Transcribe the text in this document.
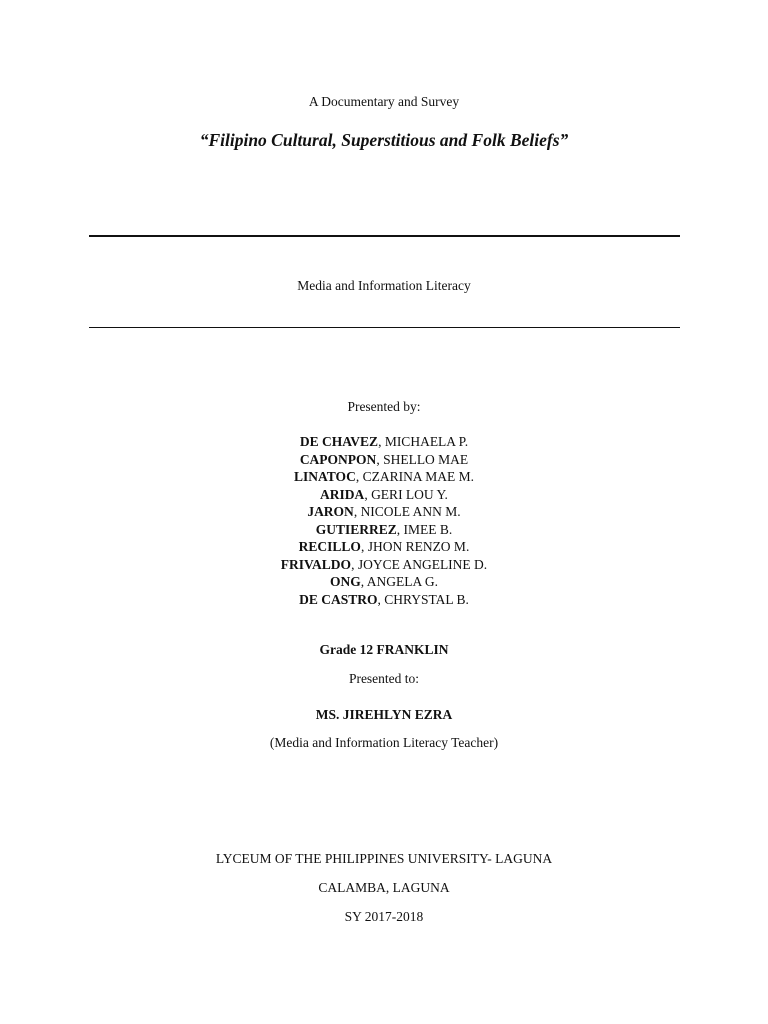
A Documentary and Survey
“Filipino Cultural, Superstitious and Folk Beliefs”
Media and Information Literacy
Presented by:
DE CHAVEZ, MICHAELA P.
CAPONPON, SHELLO MAE
LINATOC, CZARINA MAE M.
ARIDA, GERI LOU Y.
JARON, NICOLE ANN M.
GUTIERREZ, IMEE B.
RECILLO, JHON RENZO M.
FRIVALDO, JOYCE ANGELINE D.
ONG, ANGELA G.
DE CASTRO, CHRYSTAL B.
Grade 12 FRANKLIN
Presented to:
MS. JIREHLYN EZRA
(Media and Information Literacy Teacher)
LYCEUM OF THE PHILIPPINES UNIVERSITY- LAGUNA
CALAMBA, LAGUNA
SY 2017-2018
